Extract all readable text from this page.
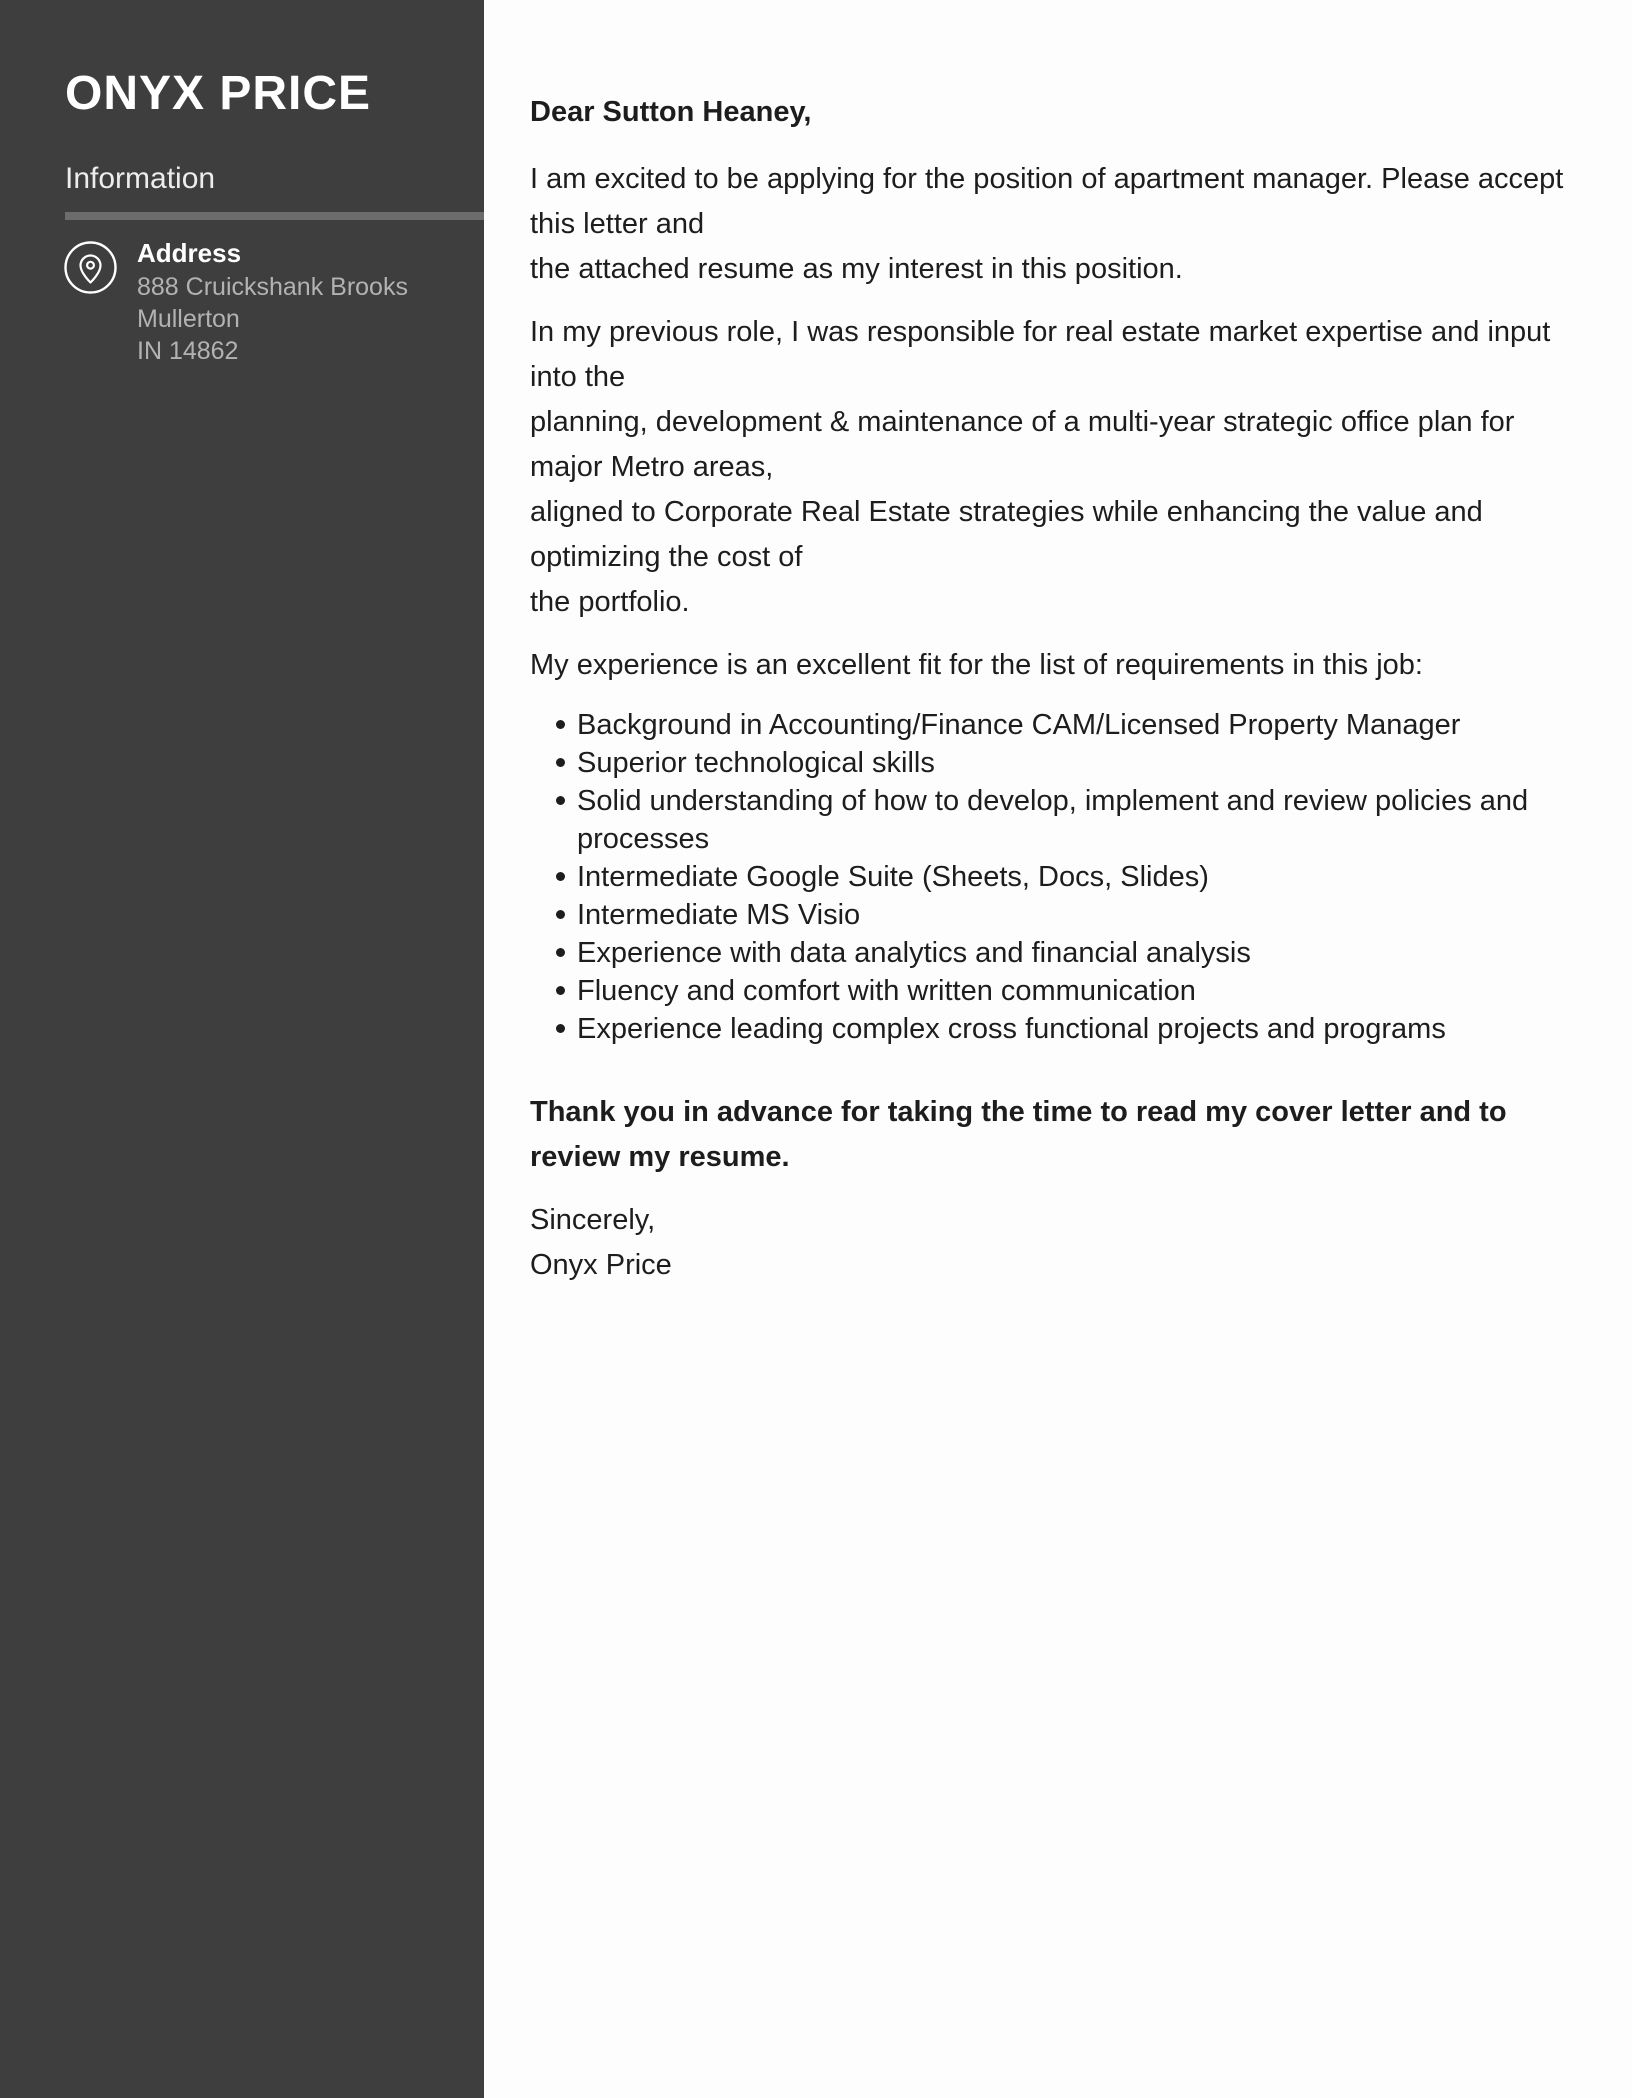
ONYX PRICE
Information
Address
888 Cruickshank Brooks
Mullerton
IN 14862

Dear Sutton Heaney,

I am excited to be applying for the position of apartment manager. Please accept this letter and
the attached resume as my interest in this position.

In my previous role, I was responsible for real estate market expertise and input into the
planning, development & maintenance of a multi-year strategic office plan for major Metro areas,
aligned to Corporate Real Estate strategies while enhancing the value and optimizing the cost of
the portfolio.

My experience is an excellent fit for the list of requirements in this job:

Background in Accounting/Finance CAM/Licensed Property Manager
Superior technological skills
Solid understanding of how to develop, implement and review policies and processes
Intermediate Google Suite (Sheets, Docs, Slides)
Intermediate MS Visio
Experience with data analytics and financial analysis
Fluency and comfort with written communication
Experience leading complex cross functional projects and programs

Thank you in advance for taking the time to read my cover letter and to review my resume.

Sincerely,
Onyx Price
